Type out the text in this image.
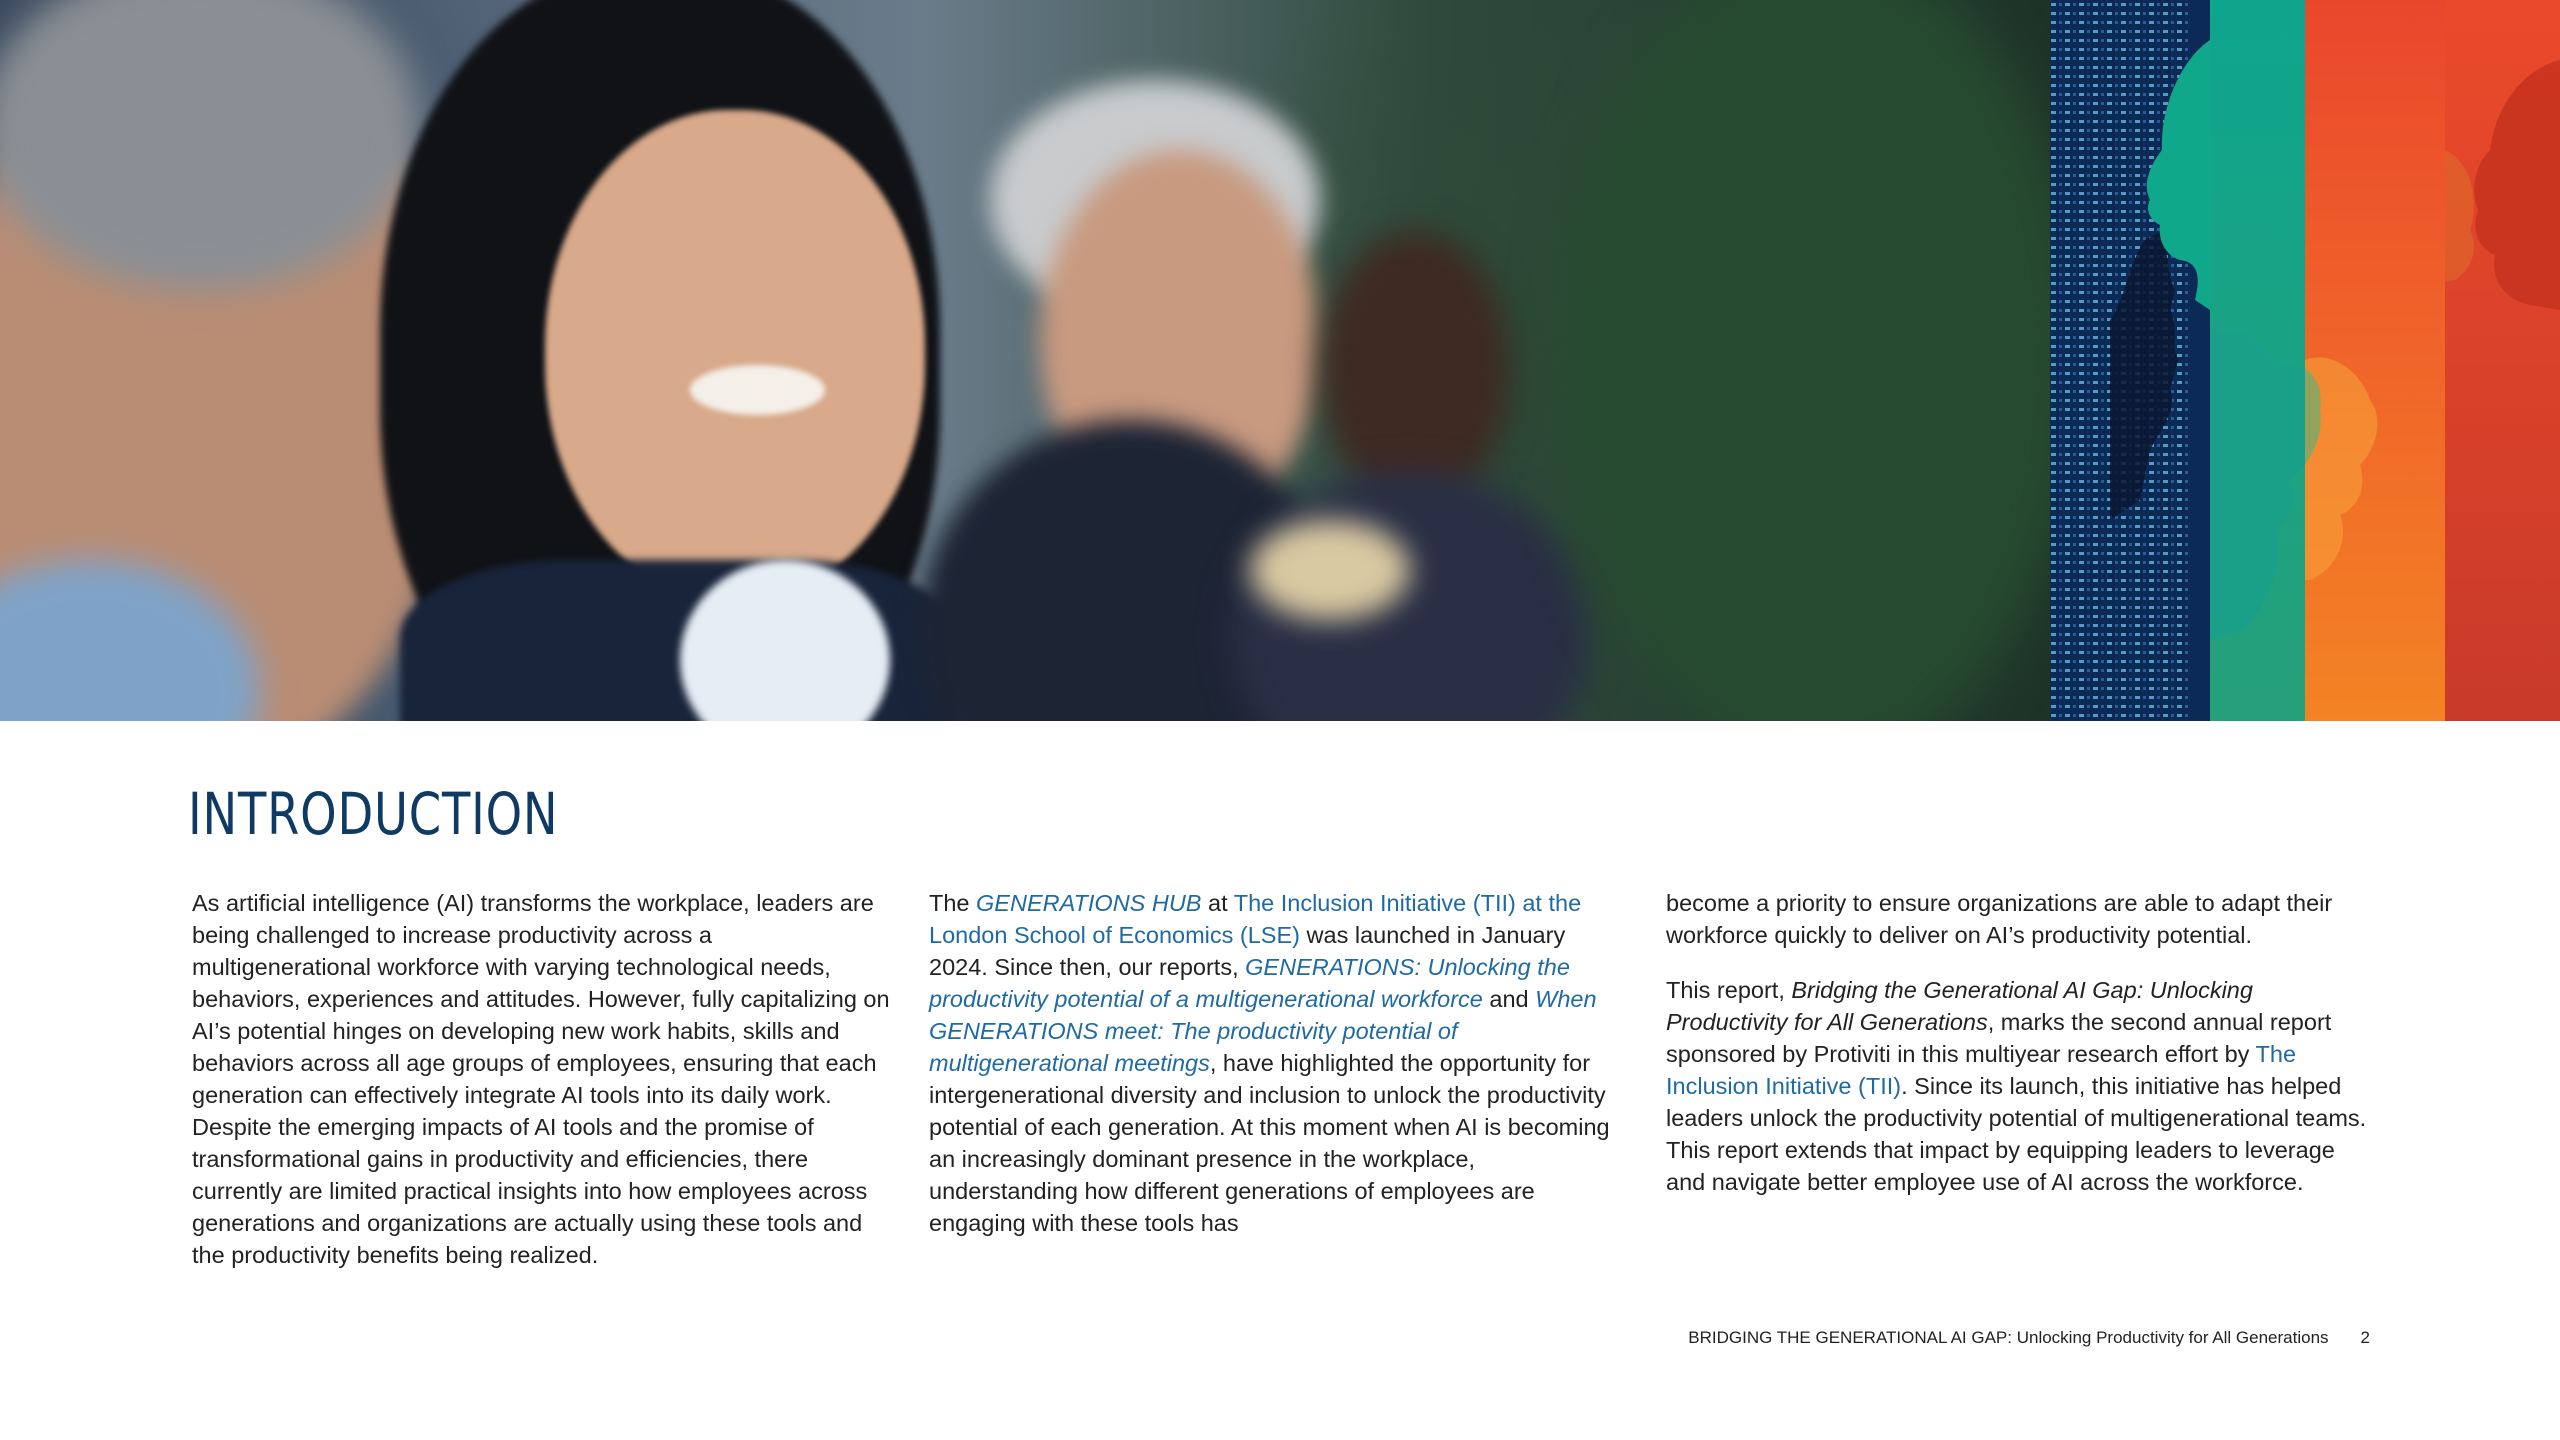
INTRODUCTION

As artificial intelligence (AI) transforms the workplace, leaders are being challenged to increase productivity across a multigenerational workforce with varying technological needs, behaviors, experiences and attitudes. However, fully capitalizing on AI’s potential hinges on developing new work habits, skills and behaviors across all age groups of employees, ensuring that each generation can effectively integrate AI tools into its daily work. Despite the emerging impacts of AI tools and the promise of transformational gains in productivity and efficiencies, there currently are limited practical insights into how employees across generations and organizations are actually using these tools and the productivity benefits being realized.

The GENERATIONS HUB at The Inclusion Initiative (TII) at the London School of Economics (LSE) was launched in January 2024. Since then, our reports, GENERATIONS: Unlocking the productivity potential of a multigenerational workforce and When GENERATIONS meet: The productivity potential of multigenerational meetings, have highlighted the opportunity for intergenerational diversity and inclusion to unlock the productivity potential of each generation. At this moment when AI is becoming an increasingly dominant presence in the workplace, understanding how different generations of employees are engaging with these tools has

become a priority to ensure organizations are able to adapt their workforce quickly to deliver on AI’s productivity potential.

This report, Bridging the Generational AI Gap: Unlocking Productivity for All Generations, marks the second annual report sponsored by Protiviti in this multiyear research effort by The Inclusion Initiative (TII). Since its launch, this initiative has helped leaders unlock the productivity potential of multigenerational teams. This report extends that impact by equipping leaders to leverage and navigate better employee use of AI across the workforce.

BRIDGING THE GENERATIONAL AI GAP: Unlocking Productivity for All Generations 2
